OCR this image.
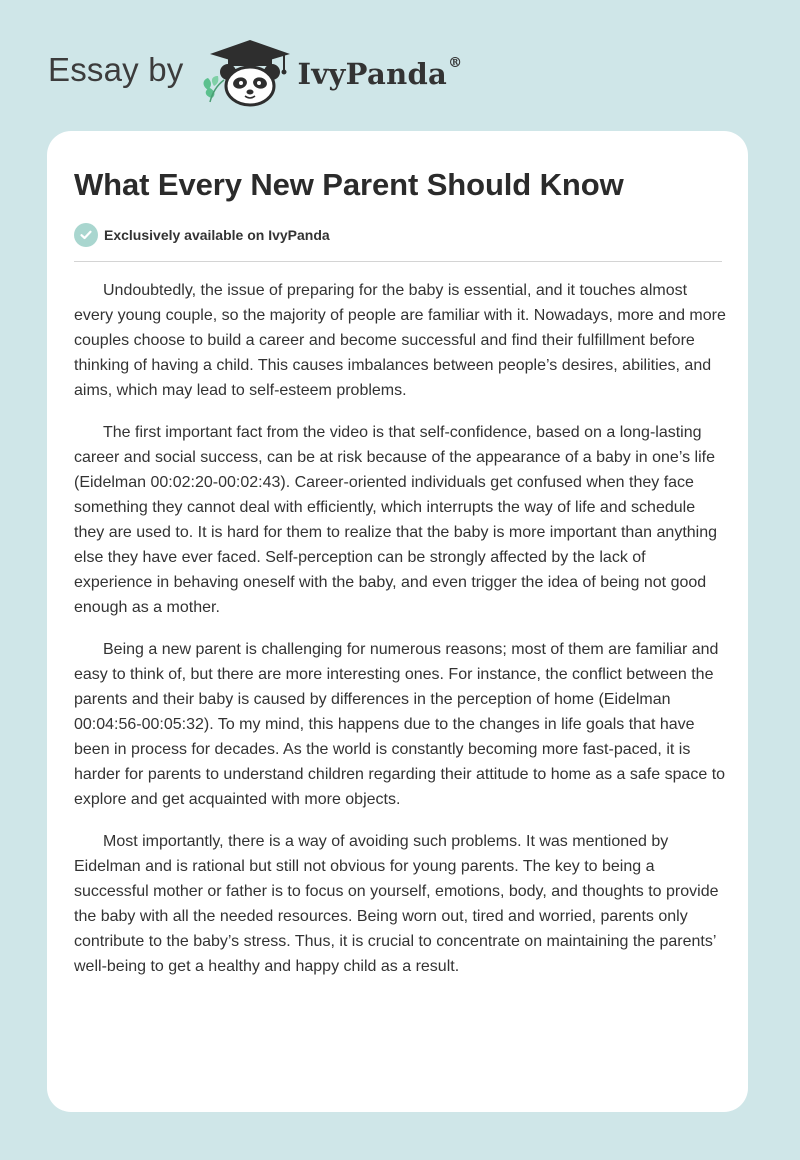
Essay by	IvyPanda®
What Every New Parent Should Know
Exclusively available on IvyPanda

Undoubtedly, the issue of preparing for the baby is essential, and it touches almost every young couple, so the majority of people are familiar with it. Nowadays, more and more couples choose to build a career and become successful and find their fulfillment before thinking of having a child. This causes imbalances between people’s desires, abilities, and aims, which may lead to self-esteem problems.

The first important fact from the video is that self-confidence, based on a long-lasting career and social success, can be at risk because of the appearance of a baby in one’s life (Eidelman 00:02:20-00:02:43). Career-oriented individuals get confused when they face something they cannot deal with efficiently, which interrupts the way of life and schedule they are used to. It is hard for them to realize that the baby is more important than anything else they have ever faced. Self-perception can be strongly affected by the lack of experience in behaving oneself with the baby, and even trigger the idea of being not good enough as a mother.

Being a new parent is challenging for numerous reasons; most of them are familiar and easy to think of, but there are more interesting ones. For instance, the conflict between the parents and their baby is caused by differences in the perception of home (Eidelman 00:04:56-00:05:32). To my mind, this happens due to the changes in life goals that have been in process for decades. As the world is constantly becoming more fast-paced, it is harder for parents to understand children regarding their attitude to home as a safe space to explore and get acquainted with more objects.

Most importantly, there is a way of avoiding such problems. It was mentioned by Eidelman and is rational but still not obvious for young parents. The key to being a successful mother or father is to focus on yourself, emotions, body, and thoughts to provide the baby with all the needed resources. Being worn out, tired and worried, parents only contribute to the baby’s stress. Thus, it is crucial to concentrate on maintaining the parents’ well-being to get a healthy and happy child as a result.
